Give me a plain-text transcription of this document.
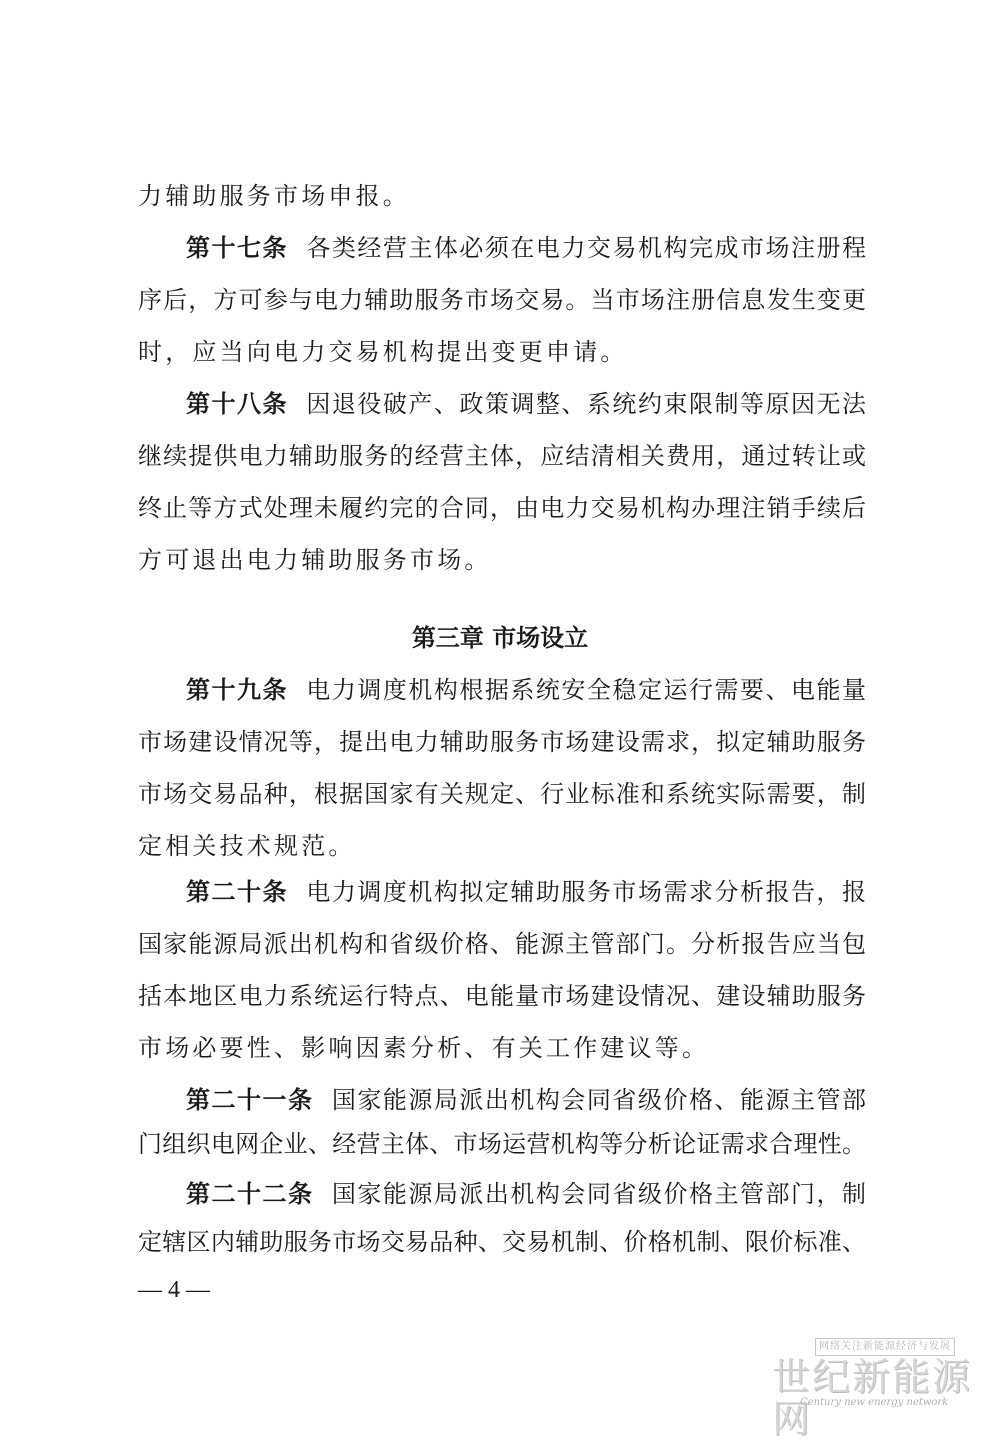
力辅助服务市场申报。
第十七条 各类经营主体必须在电力交易机构完成市场注册程
序后，方可参与电力辅助服务市场交易。当市场注册信息发生变更
时，应当向电力交易机构提出变更申请。
第十八条 因退役破产、政策调整、系统约束限制等原因无法
继续提供电力辅助服务的经营主体，应结清相关费用，通过转让或
终止等方式处理未履约完的合同，由电力交易机构办理注销手续后
方可退出电力辅助服务市场。
第三章 市场设立
第十九条 电力调度机构根据系统安全稳定运行需要、电能量
市场建设情况等，提出电力辅助服务市场建设需求，拟定辅助服务
市场交易品种，根据国家有关规定、行业标准和系统实际需要，制
定相关技术规范。
第二十条 电力调度机构拟定辅助服务市场需求分析报告，报
国家能源局派出机构和省级价格、能源主管部门。分析报告应当包
括本地区电力系统运行特点、电能量市场建设情况、建设辅助服务
市场必要性、影响因素分析、有关工作建议等。
第二十一条 国家能源局派出机构会同省级价格、能源主管部
门组织电网企业、经营主体、市场运营机构等分析论证需求合理性。
第二十二条 国家能源局派出机构会同省级价格主管部门，制
定辖区内辅助服务市场交易品种、交易机制、价格机制、限价标准、
— 4 —
网络关注新能源经济与发展
世纪新能源网
Century new energy network
